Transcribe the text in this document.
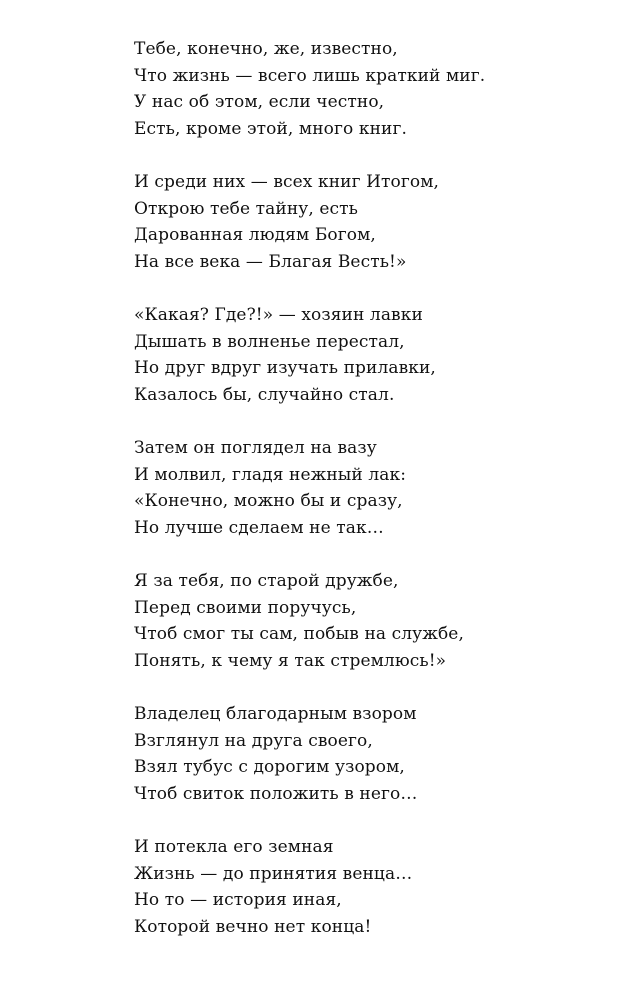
Тебе, конечно, же, известно,
Что жизнь — всего лишь краткий миг.
У нас об этом, если честно,
Есть, кроме этой, много книг.
И среди них — всех книг Итогом,
Открою тебе тайну, есть
Дарованная людям Богом,
На все века — Благая Весть!»
«Какая? Где?!» — хозяин лавки
Дышать в волненье перестал,
Но друг вдруг изучать прилавки,
Казалось бы, случайно стал.
Затем он поглядел на вазу
И молвил, гладя нежный лак:
«Конечно, можно бы и сразу,
Но лучше сделаем не так…
Я за тебя, по старой дружбе,
Перед своими поручусь,
Чтоб смог ты сам, побыв на службе,
Понять, к чему я так стремлюсь!»
Владелец благодарным взором
Взглянул на друга своего,
Взял тубус с дорогим узором,
Чтоб свиток положить в него…
И потекла его земная
Жизнь — до принятия венца…
Но то — история иная,
Которой вечно нет конца!
